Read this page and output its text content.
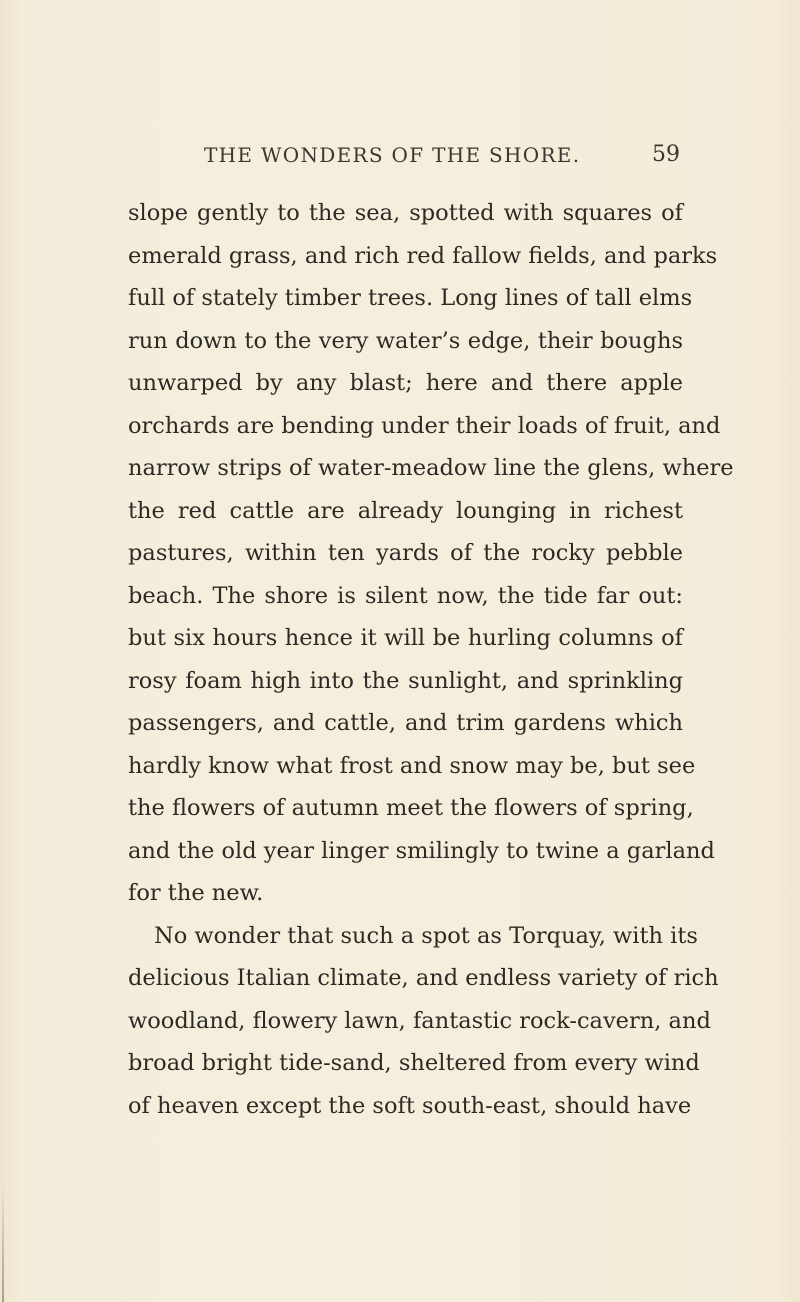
THE WONDERS OF THE SHORE.	59
slope gently to the sea, spotted with squares of
emerald grass, and rich red fallow fields, and parks
full of stately timber trees. Long lines of tall elms
run down to the very water’s edge, their boughs
unwarped by any blast; here and there apple
orchards are bending under their loads of fruit, and
narrow strips of water-meadow line the glens, where
the red cattle are already lounging in richest
pastures, within ten yards of the rocky pebble
beach. The shore is silent now, the tide far out:
but six hours hence it will be hurling columns of
rosy foam high into the sunlight, and sprinkling
passengers, and cattle, and trim gardens which
hardly know what frost and snow may be, but see
the flowers of autumn meet the flowers of spring,
and the old year linger smilingly to twine a garland
for the new.
No wonder that such a spot as Torquay, with its
delicious Italian climate, and endless variety of rich
woodland, flowery lawn, fantastic rock-cavern, and
broad bright tide-sand, sheltered from every wind
of heaven except the soft south-east, should have
